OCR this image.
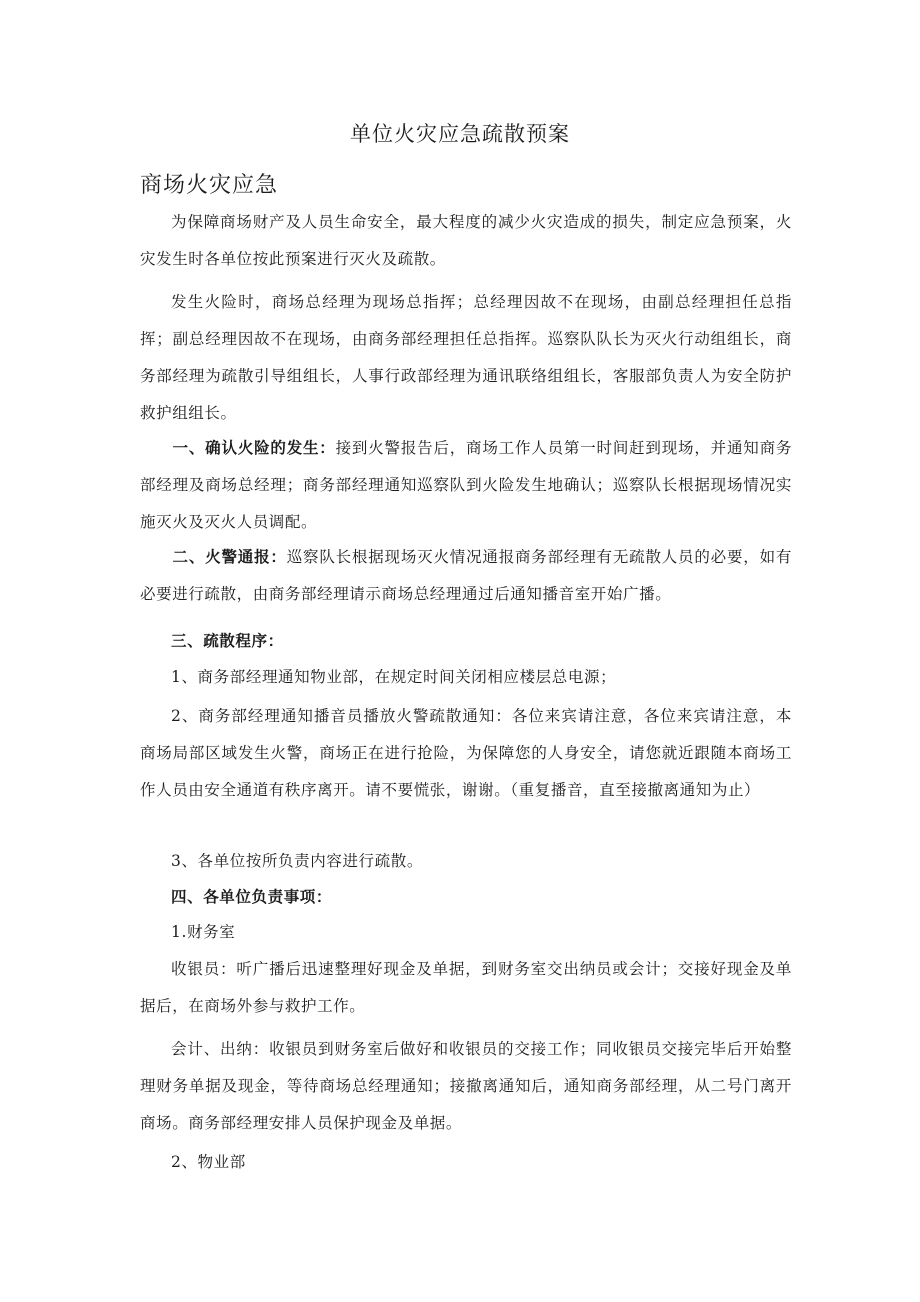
单位火灾应急疏散预案
商场火灾应急

为保障商场财产及人员生命安全，最大程度的减少火灾造成的损失，制定应急预案，火灾发生时各单位按此预案进行灭火及疏散。

发生火险时，商场总经理为现场总指挥；总经理因故不在现场，由副总经理担任总指挥；副总经理因故不在现场，由商务部经理担任总指挥。巡察队队长为灭火行动组组长，商务部经理为疏散引导组组长，人事行政部经理为通讯联络组组长，客服部负责人为安全防护救护组组长。

一、确认火险的发生：接到火警报告后，商场工作人员第一时间赶到现场，并通知商务部经理及商场总经理；商务部经理通知巡察队到火险发生地确认；巡察队长根据现场情况实施灭火及灭火人员调配。

二、火警通报：巡察队长根据现场灭火情况通报商务部经理有无疏散人员的必要，如有必要进行疏散，由商务部经理请示商场总经理通过后通知播音室开始广播。

三、疏散程序：

1、商务部经理通知物业部，在规定时间关闭相应楼层总电源；

2、商务部经理通知播音员播放火警疏散通知：各位来宾请注意，各位来宾请注意，本商场局部区域发生火警，商场正在进行抢险，为保障您的人身安全，请您就近跟随本商场工作人员由安全通道有秩序离开。请不要慌张，谢谢。（重复播音，直至接撤离通知为止）

3、各单位按所负责内容进行疏散。

四、各单位负责事项：

1.财务室

收银员：听广播后迅速整理好现金及单据，到财务室交出纳员或会计；交接好现金及单据后，在商场外参与救护工作。

会计、出纳：收银员到财务室后做好和收银员的交接工作；同收银员交接完毕后开始整理财务单据及现金，等待商场总经理通知；接撤离通知后，通知商务部经理，从二号门离开商场。商务部经理安排人员保护现金及单据。

2、物业部
